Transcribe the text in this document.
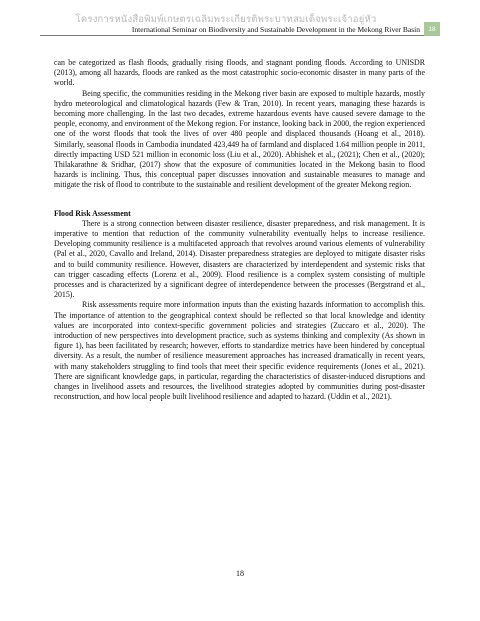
โครงการหนังสือพิมพ์เกษตรเฉลิมพระเกียรติพระบาทสมเด็จพระเจ้าอยู่หัว
International Seminar on Biodiversity and Sustainable Development in the Mekong River Basin	18

can be categorized as flash floods, gradually rising floods, and stagnant ponding floods. According to UNISDR (2013), among all hazards, floods are ranked as the most catastrophic socio-economic disaster in many parts of the world.

Being specific, the communities residing in the Mekong river basin are exposed to multiple hazards, mostly hydro meteorological and climatological hazards (Few & Tran, 2010). In recent years, managing these hazards is becoming more challenging. In the last two decades, extreme hazardous events have caused severe damage to the people, economy, and environment of the Mekong region. For instance, looking back in 2000, the region experienced one of the worst floods that took the lives of over 480 people and displaced thousands (Hoang et al., 2018). Similarly, seasonal floods in Cambodia inundated 423,449 ha of farmland and displaced 1.64 million people in 2011, directly impacting USD 521 million in economic loss (Liu et al., 2020). Abhishek et al., (2021); Chen et al., (2020); Thilakarathne & Sridhar, (2017) show that the exposure of communities located in the Mekong basin to flood hazards is inclining. Thus, this conceptual paper discusses innovation and sustainable measures to manage and mitigate the risk of flood to contribute to the sustainable and resilient development of the greater Mekong region.

Flood Risk Assessment

There is a strong connection between disaster resilience, disaster preparedness, and risk management. It is imperative to mention that reduction of the community vulnerability eventually helps to increase resilience. Developing community resilience is a multifaceted approach that revolves around various elements of vulnerability (Pal et al., 2020, Cavallo and Ireland, 2014). Disaster preparedness strategies are deployed to mitigate disaster risks and to build community resilience. However, disasters are characterized by interdependent and systemic risks that can trigger cascading effects (Lorenz et al., 2009). Flood resilience is a complex system consisting of multiple processes and is characterized by a significant degree of interdependence between the processes (Bergstrand et al., 2015).

Risk assessments require more information inputs than the existing hazards information to accomplish this. The importance of attention to the geographical context should be reflected so that local knowledge and identity values are incorporated into context-specific government policies and strategies (Zuccaro et al., 2020). The introduction of new perspectives into development practice, such as systems thinking and complexity (As shown in figure 1), has been facilitated by research; however, efforts to standardize metrics have been hindered by conceptual diversity. As a result, the number of resilience measurement approaches has increased dramatically in recent years, with many stakeholders struggling to find tools that meet their specific evidence requirements (Jones et al., 2021). There are significant knowledge gaps, in particular, regarding the characteristics of disaster-induced disruptions and changes in livelihood assets and resources, the livelihood strategies adopted by communities during post-disaster reconstruction, and how local people built livelihood resilience and adapted to hazard. (Uddin et al., 2021).

18
